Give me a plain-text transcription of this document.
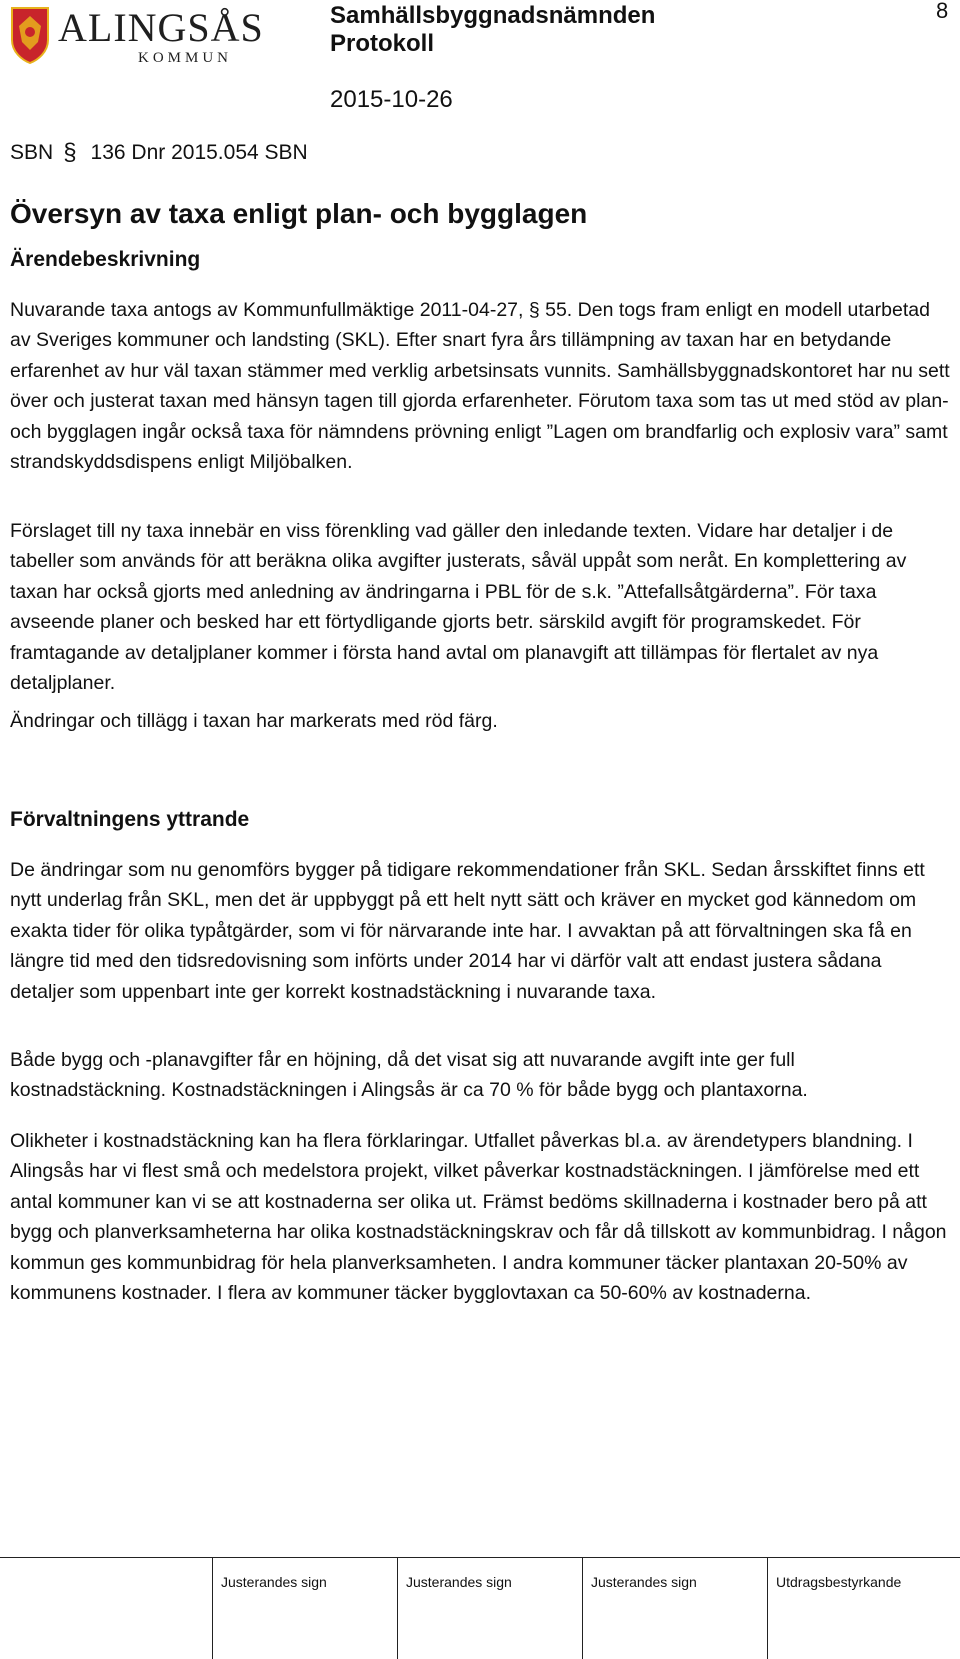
ALINGSÅS
KOMMUN
Samhällsbyggnadsnämnden
Protokoll
2015-10-26
8
SBN § 136 Dnr 2015.054 SBN
Översyn av taxa enligt plan- och bygglagen
Ärendebeskrivning

Nuvarande taxa antogs av Kommunfullmäktige 2011-04-27, § 55. Den togs fram enligt en modell utarbetad av Sveriges kommuner och landsting (SKL). Efter snart fyra års tillämpning av taxan har en betydande erfarenhet av hur väl taxan stämmer med verklig arbetsinsats vunnits. Samhällsbyggnadskontoret har nu sett över och justerat taxan med hänsyn tagen till gjorda erfarenheter. Förutom taxa som tas ut med stöd av plan- och bygglagen ingår också taxa för nämndens prövning enligt ”Lagen om brandfarlig och explosiv vara” samt strandskyddsdispens enligt Miljöbalken.

Förslaget till ny taxa innebär en viss förenkling vad gäller den inledande texten. Vidare har detaljer i de tabeller som används för att beräkna olika avgifter justerats, såväl uppåt som neråt. En komplettering av taxan har också gjorts med anledning av ändringarna i PBL för de s.k. ”Attefallsåtgärderna”. För taxa avseende planer och besked har ett förtydligande gjorts betr. särskild avgift för programskedet. För framtagande av detaljplaner kommer i första hand avtal om planavgift att tillämpas för flertalet av nya detaljplaner.

Ändringar och tillägg i taxan har markerats med röd färg.

Förvaltningens yttrande

De ändringar som nu genomförs bygger på tidigare rekommendationer från SKL. Sedan årsskiftet finns ett nytt underlag från SKL, men det är uppbyggt på ett helt nytt sätt och kräver en mycket god kännedom om exakta tider för olika typåtgärder, som vi för närvarande inte har. I avvaktan på att förvaltningen ska få en längre tid med den tidsredovisning som införts under 2014 har vi därför valt att endast justera sådana detaljer som uppenbart inte ger korrekt kostnadstäckning i nuvarande taxa.

Både bygg och -planavgifter får en höjning, då det visat sig att nuvarande avgift inte ger full kostnadstäckning. Kostnadstäckningen i Alingsås är ca 70 % för både bygg och plantaxorna.

Olikheter i kostnadstäckning kan ha flera förklaringar. Utfallet påverkas bl.a. av ärendetypers blandning. I Alingsås har vi flest små och medelstora projekt, vilket påverkar kostnadstäckningen. I jämförelse med ett antal kommuner kan vi se att kostnaderna ser olika ut. Främst bedöms skillnaderna i kostnader bero på att bygg och planverksamheterna har olika kostnadstäckningskrav och får då tillskott av kommunbidrag. I någon kommun ges kommunbidrag för hela planverksamheten. I andra kommuner täcker plantaxan 20-50% av kommunens kostnader. I flera av kommuner täcker bygglovtaxan ca 50-60% av kostnaderna.

Justerandes sign	Justerandes sign	Justerandes sign	Utdragsbestyrkande
